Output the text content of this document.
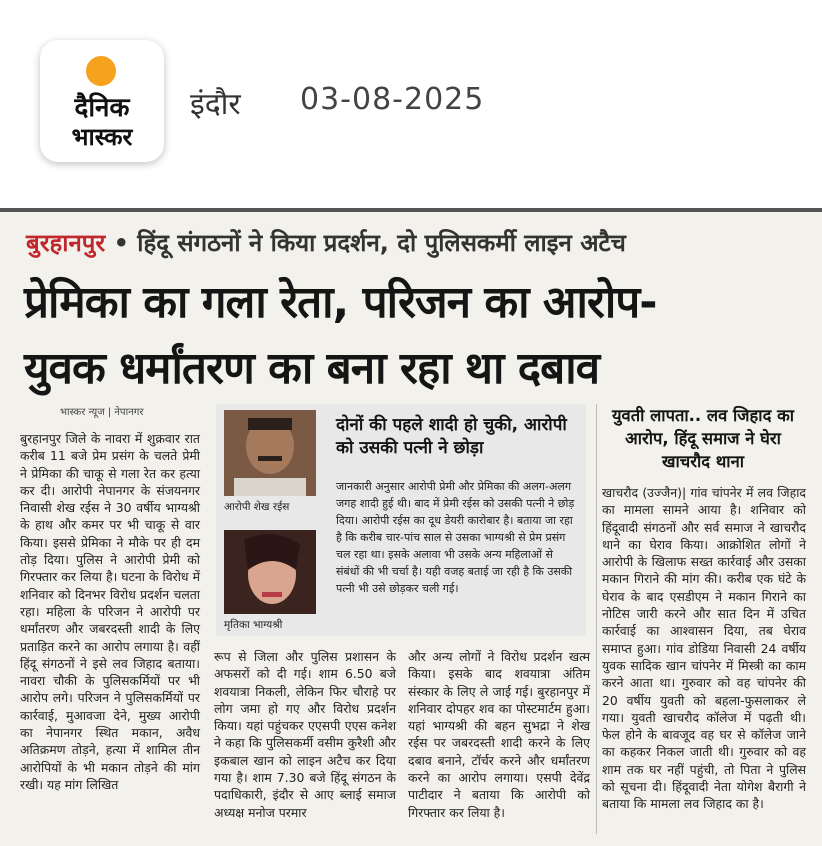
दैनिक
भास्कर
इंदौर 03-08-2025
बुरहानपुर • हिंदू संगठनों ने किया प्रदर्शन, दो पुलिसकर्मी लाइन अटैच
प्रेमिका का गला रेता, परिजन का आरोप-
युवक धर्मांतरण का बना रहा था दबाव
भास्कर न्यूज | नेपानगर

बुरहानपुर जिले के नावरा में शुक्रवार रात करीब 11 बजे प्रेम प्रसंग के चलते प्रेमी ने प्रेमिका की चाकू से गला रेत कर हत्या कर दी। आरोपी नेपानगर के संजयनगर निवासी शेख रईस ने 30 वर्षीय भाग्यश्री के हाथ और कमर पर भी चाकू से वार किया। इससे प्रेमिका ने मौके पर ही दम तोड़ दिया। पुलिस ने आरोपी प्रेमी को गिरफ्तार कर लिया है। घटना के विरोध में शनिवार को दिनभर विरोध प्रदर्शन चलता रहा। महिला के परिजन ने आरोपी पर धर्मांतरण और जबरदस्ती शादी के लिए प्रताड़ित करने का आरोप लगाया है। वहीं हिंदू संगठनों ने इसे लव जिहाद बताया। नावरा चौकी के पुलिसकर्मियों पर भी आरोप लगे। परिजन ने पुलिसकर्मियों पर कार्रवाई, मुआवजा देने, मुख्य आरोपी का नेपानगर स्थित मकान, अवैध अतिक्रमण तोड़ने, हत्या में शामिल तीन आरोपियों के भी मकान तोड़ने की मांग रखी। यह मांग लिखित

आरोपी शेख रईस
मृतिका भाग्यश्री
दोनों की पहले शादी हो चुकी, आरोपी को उसकी पत्नी ने छोड़ा
जानकारी अनुसार आरोपी प्रेमी और प्रेमिका की अलग-अलग जगह शादी हुई थी। बाद में प्रेमी रईस को उसकी पत्नी ने छोड़ दिया। आरोपी रईस का दूध डेयरी कारोबार है। बताया जा रहा है कि करीब चार-पांच साल से उसका भाग्यश्री से प्रेम प्रसंग चल रहा था। इसके अलावा भी उसके अन्य महिलाओं से संबंधों की भी चर्चा है। यही वजह बताई जा रही है कि उसकी पत्नी भी उसे छोड़कर चली गई।

रूप से जिला और पुलिस प्रशासन के अफसरों को दी गई। शाम 6.50 बजे शवयात्रा निकली, लेकिन फिर चौराहे पर लोग जमा हो गए और विरोध प्रदर्शन किया। यहां पहुंचकर एएसपी एएस कनेश ने कहा कि पुलिसकर्मी वसीम कुरैशी और इकबाल खान को लाइन अटैच कर दिया गया है। शाम 7.30 बजे हिंदू संगठन के पदाधिकारी, इंदौर से आए ब्लाई समाज अध्यक्ष मनोज परमार

और अन्य लोगों ने विरोध प्रदर्शन खत्म किया। इसके बाद शवयात्रा अंतिम संस्कार के लिए ले जाई गई। बुरहानपुर में शनिवार दोपहर शव का पोस्टमार्टम हुआ। यहां भाग्यश्री की बहन सुभद्रा ने शेख रईस पर जबरदस्ती शादी करने के लिए दबाव बनाने, टॉर्चर करने और धर्मांतरण करने का आरोप लगाया। एसपी देवेंद्र पाटीदार ने बताया कि आरोपी को गिरफ्तार कर लिया है।

युवती लापता.. लव जिहाद का आरोप, हिंदू समाज ने घेरा खाचरौद थाना

खाचरौद (उज्जैन)| गांव चांपनेर में लव जिहाद का मामला सामने आया है। शनिवार को हिंदूवादी संगठनों और सर्व समाज ने खाचरौद थाने का घेराव किया। आक्रोशित लोगों ने आरोपी के खिलाफ सख्त कार्रवाई और उसका मकान गिराने की मांग की। करीब एक घंटे के घेराव के बाद एसडीएम ने मकान गिराने का नोटिस जारी करने और सात दिन में उचित कार्रवाई का आश्वासन दिया, तब घेराव समाप्त हुआ। गांव डोडिया निवासी 24 वर्षीय युवक सादिक खान चांपनेर में मिस्त्री का काम करने आता था। गुरुवार को वह चांपनेर की 20 वर्षीय युवती को बहला-फुसलाकर ले गया। युवती खाचरौद कॉलेज में पढ़ती थी। फेल होने के बावजूद वह घर से कॉलेज जाने का कहकर निकल जाती थी। गुरुवार को वह शाम तक घर नहीं पहुंची, तो पिता ने पुलिस को सूचना दी। हिंदूवादी नेता योगेश बैरागी ने बताया कि मामला लव जिहाद का है।
